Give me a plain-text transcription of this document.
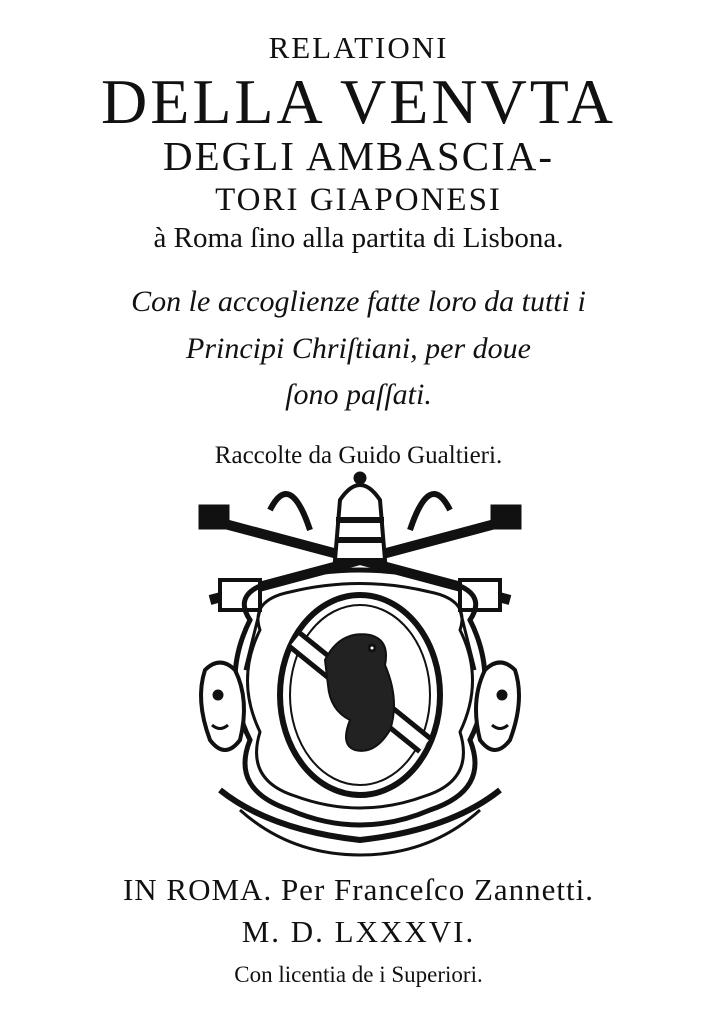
RELATIONI
DELLA VENVTA
DEGLI AMBASCIA-
TORI GIAPONESI
à Roma ſino alla partita di Lisbona.
Con le accoglienze fatte loro da tutti i
Principi Chriſtiani, per doue
ſono paſſati.
Raccolte da Guido Gualtieri.
IN ROMA. Per Franceſco Zannetti.
M. D. LXXXVI.
Con licentia de i Superiori.
